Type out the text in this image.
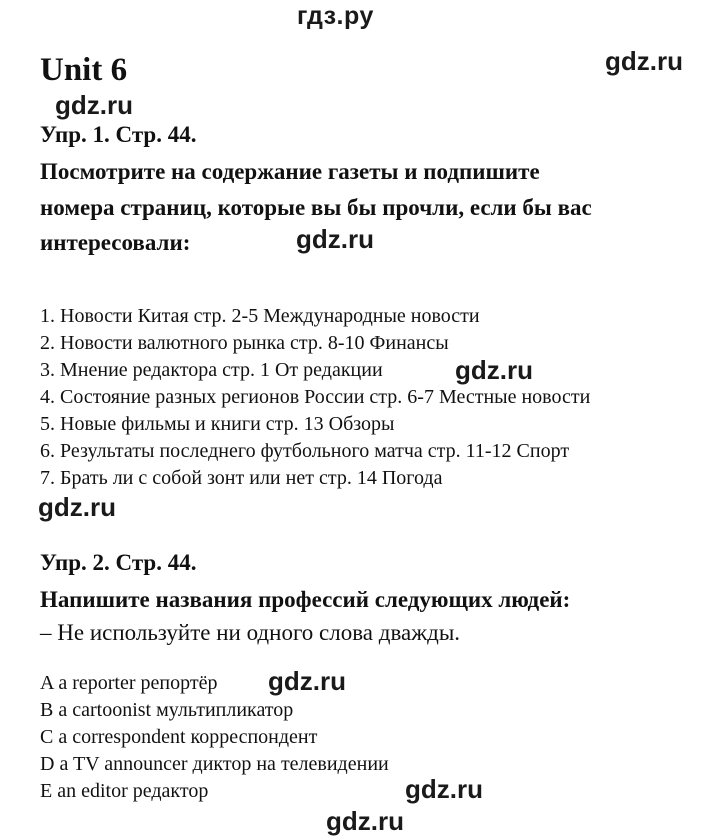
гдз.ру
Unit 6	gdz.ru
gdz.ru
Упр. 1. Стр. 44.
Посмотрите на содержание газеты и подпишите
номера страниц, которые вы бы прочли, если бы вас
интересовали:	gdz.ru
1. Новости Китая стр. 2-5 Международные новости
2. Новости валютного рынка стр. 8-10 Финансы
3. Мнение редактора стр. 1 От редакции	gdz.ru
4. Состояние разных регионов России стр. 6-7 Местные новости
5. Новые фильмы и книги стр. 13 Обзоры
6. Результаты последнего футбольного матча стр. 11-12 Спорт
7. Брать ли с собой зонт или нет стр. 14 Погода
gdz.ru
Упр. 2. Стр. 44.
Напишите названия профессий следующих людей:
– Не используйте ни одного слова дважды.
A a reporter репортёр gdz.ru
B a cartoonist мультипликатор
C a correspondent корреспондент
D a TV announcer диктор на телевидении
E an editor редактор	gdz.ru
gdz.ru
